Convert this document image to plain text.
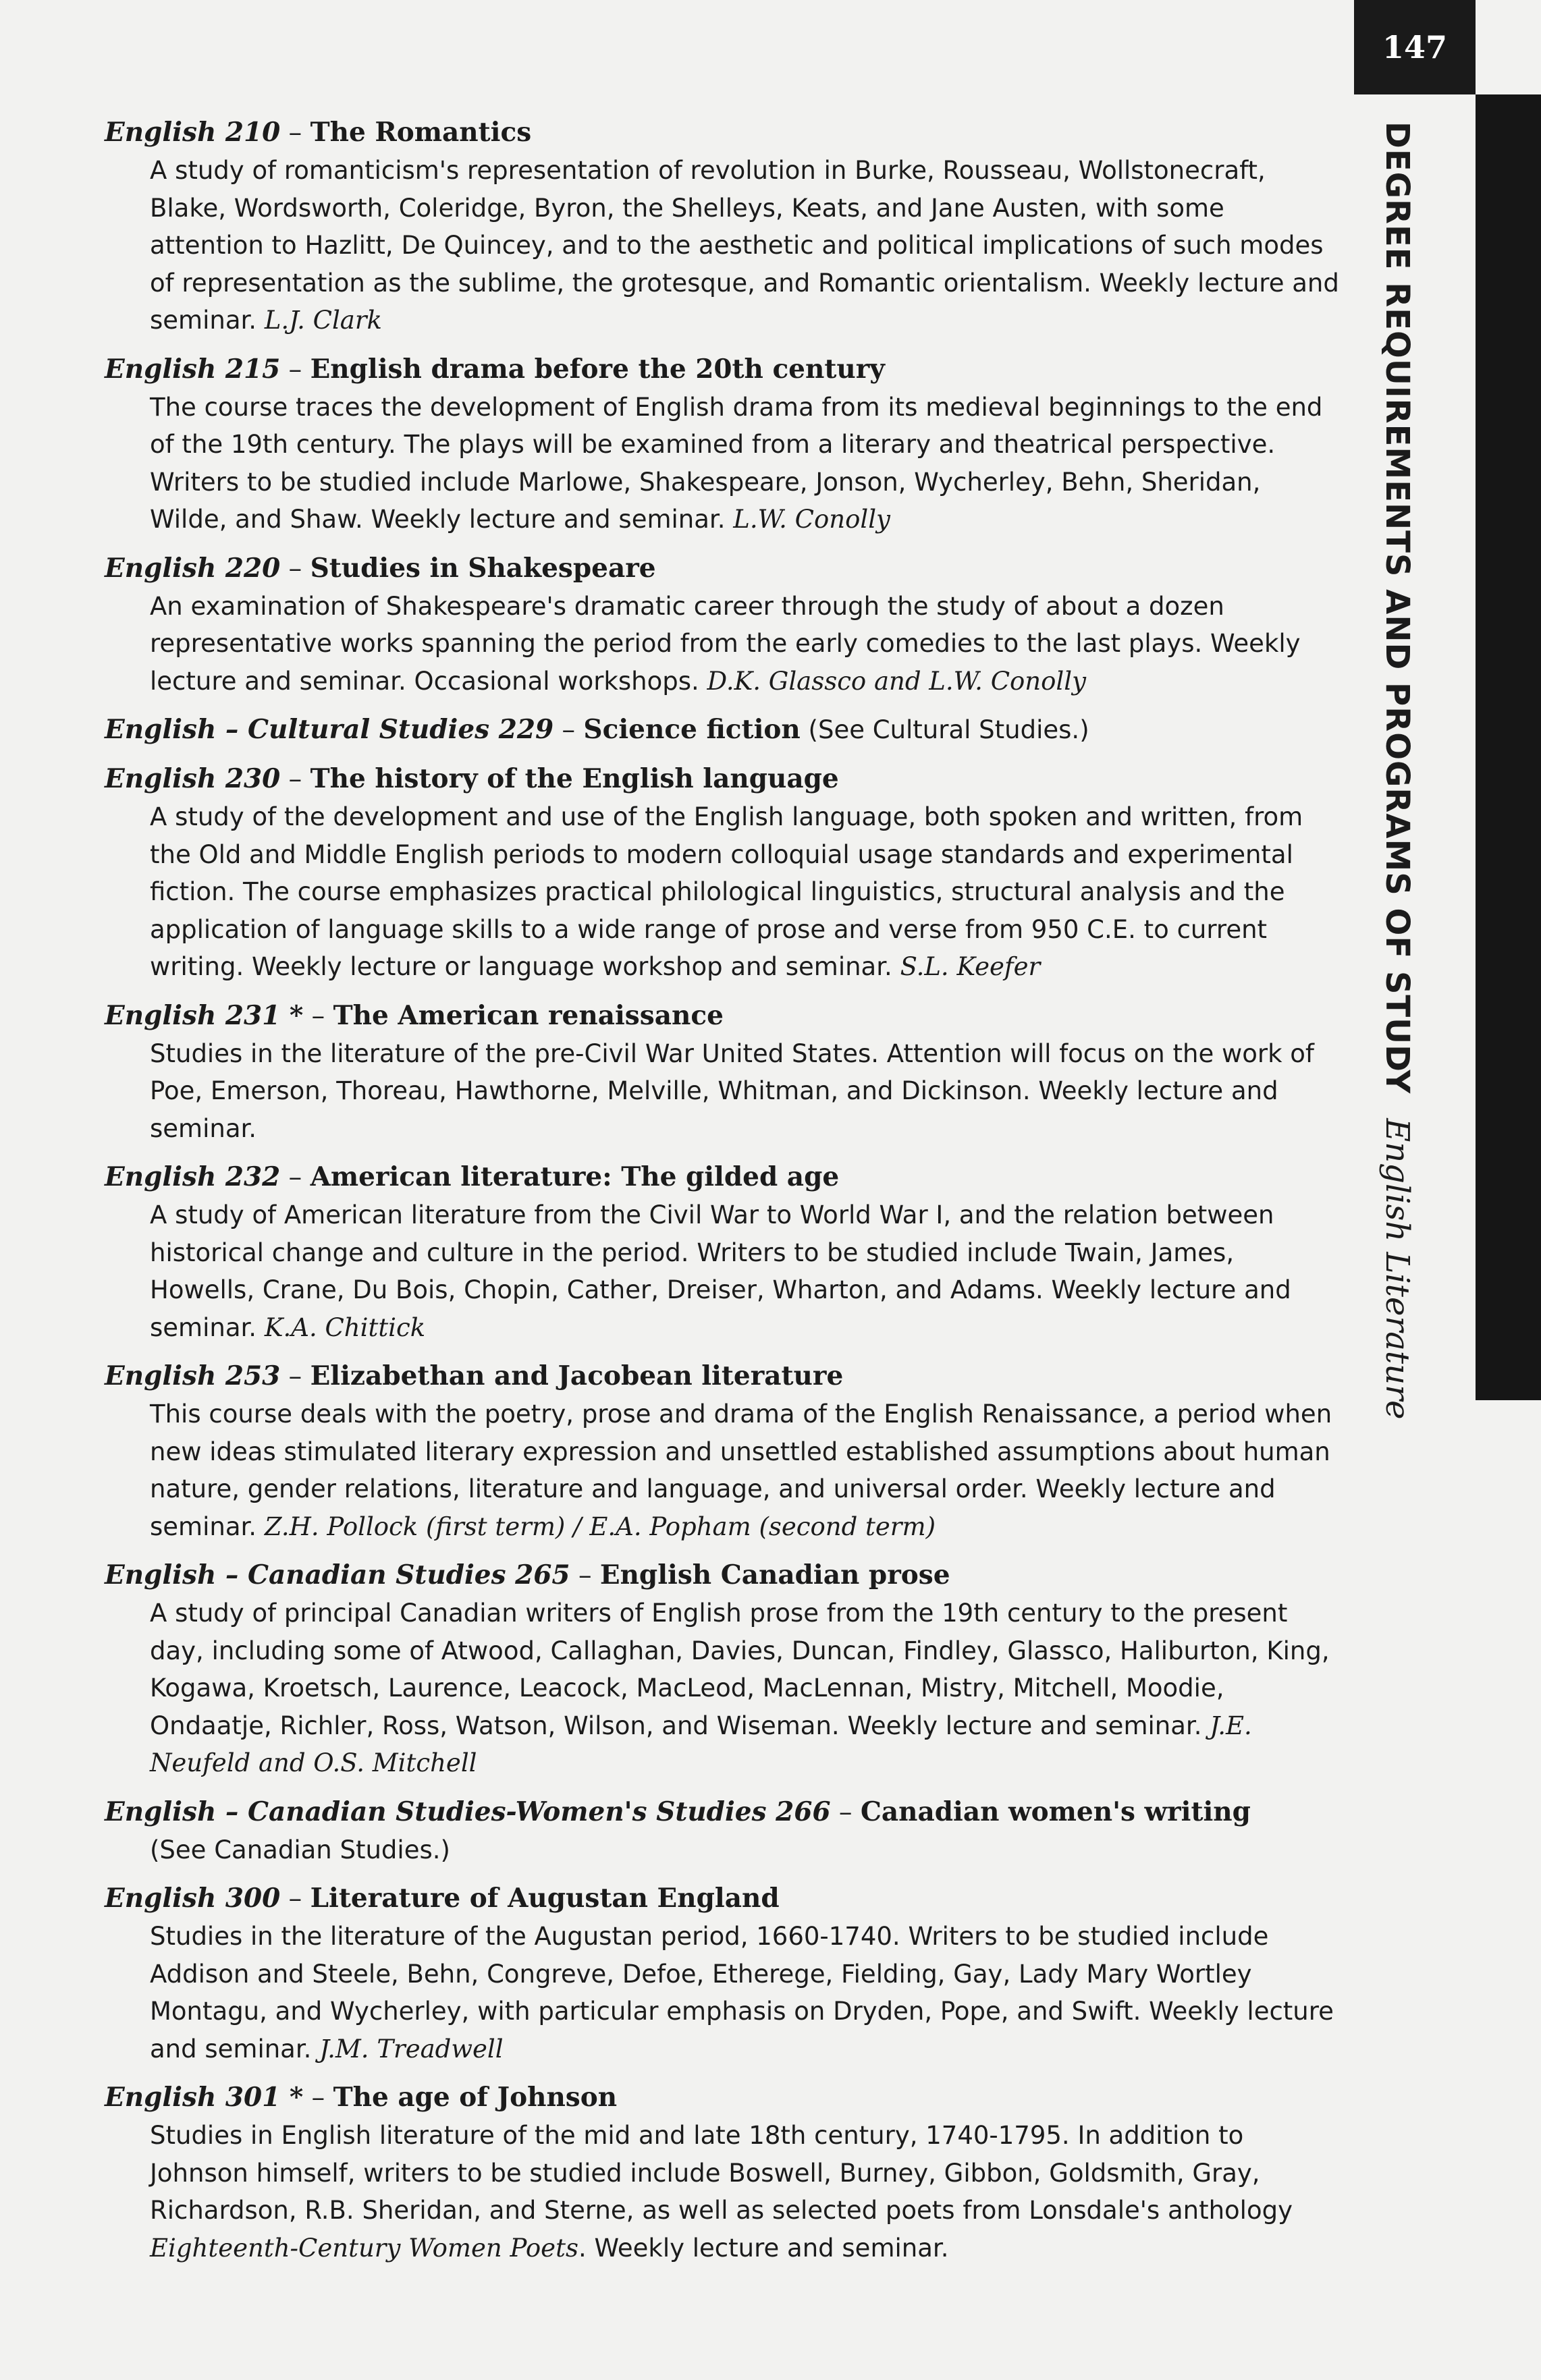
147
DEGREE REQUIREMENTS AND PROGRAMS OF STUDYEnglish Literature
English 210 – The Romantics
A study of romanticism's representation of revolution in Burke, Rousseau, Wollstonecraft, Blake, Wordsworth, Coleridge, Byron, the Shelleys, Keats, and Jane Austen, with some attention to Hazlitt, De Quincey, and to the aesthetic and political implications of such modes of representation as the sublime, the grotesque, and Romantic orientalism. Weekly lecture and seminar. L.J. Clark
English 215 – English drama before the 20th century
The course traces the development of English drama from its medieval beginnings to the end of the 19th century. The plays will be examined from a literary and theatrical perspective. Writers to be studied include Marlowe, Shakespeare, Jonson, Wycherley, Behn, Sheridan, Wilde, and Shaw. Weekly lecture and seminar. L.W. Conolly
English 220 – Studies in Shakespeare
An examination of Shakespeare's dramatic career through the study of about a dozen representative works spanning the period from the early comedies to the last plays. Weekly lecture and seminar. Occasional workshops. D.K. Glassco and L.W. Conolly
English – Cultural Studies 229 – Science fiction (See Cultural Studies.)
English 230 – The history of the English language
A study of the development and use of the English language, both spoken and written, from the Old and Middle English periods to modern colloquial usage standards and experimental fiction. The course emphasizes practical philological linguistics, structural analysis and the application of language skills to a wide range of prose and verse from 950 C.E. to current writing. Weekly lecture or language workshop and seminar. S.L. Keefer
English 231 * – The American renaissance
Studies in the literature of the pre-Civil War United States. Attention will focus on the work of Poe, Emerson, Thoreau, Hawthorne, Melville, Whitman, and Dickinson. Weekly lecture and seminar.
English 232 – American literature: The gilded age
A study of American literature from the Civil War to World War I, and the relation between historical change and culture in the period. Writers to be studied include Twain, James, Howells, Crane, Du Bois, Chopin, Cather, Dreiser, Wharton, and Adams. Weekly lecture and seminar. K.A. Chittick
English 253 – Elizabethan and Jacobean literature
This course deals with the poetry, prose and drama of the English Renaissance, a period when new ideas stimulated literary expression and unsettled established assumptions about human nature, gender relations, literature and language, and universal order. Weekly lecture and seminar. Z.H. Pollock (first term) / E.A. Popham (second term)
English – Canadian Studies 265 – English Canadian prose
A study of principal Canadian writers of English prose from the 19th century to the present day, including some of Atwood, Callaghan, Davies, Duncan, Findley, Glassco, Haliburton, King, Kogawa, Kroetsch, Laurence, Leacock, MacLeod, MacLennan, Mistry, Mitchell, Moodie, Ondaatje, Richler, Ross, Watson, Wilson, and Wiseman. Weekly lecture and seminar. J.E. Neufeld and O.S. Mitchell
English – Canadian Studies-Women's Studies 266 – Canadian women's writing
(See Canadian Studies.)
English 300 – Literature of Augustan England
Studies in the literature of the Augustan period, 1660-1740. Writers to be studied include Addison and Steele, Behn, Congreve, Defoe, Etherege, Fielding, Gay, Lady Mary Wortley Montagu, and Wycherley, with particular emphasis on Dryden, Pope, and Swift. Weekly lecture and seminar. J.M. Treadwell
English 301 * – The age of Johnson
Studies in English literature of the mid and late 18th century, 1740-1795. In addition to Johnson himself, writers to be studied include Boswell, Burney, Gibbon, Goldsmith, Gray, Richardson, R.B. Sheridan, and Sterne, as well as selected poets from Lonsdale's anthology Eighteenth-Century Women Poets. Weekly lecture and seminar.
